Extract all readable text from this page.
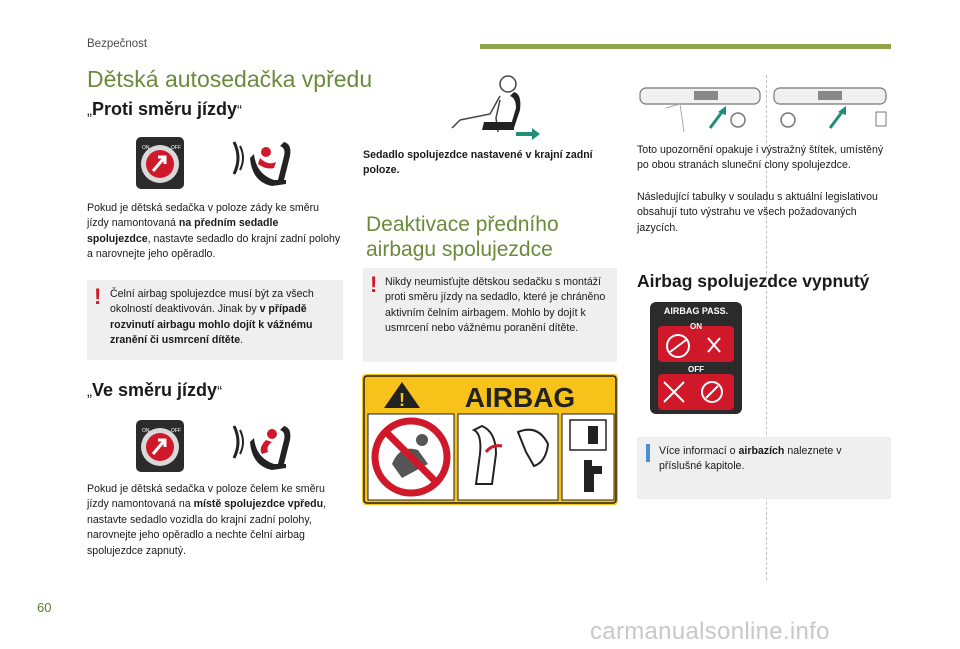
Bezpečnost
60
carmanualsonline.info
Dětská autosedačka vpředu
„Proti směru jízdy“
ON	OFF
Pokud je dětská sedačka v poloze zády ke směru jízdy namontovaná na předním sedadle spolujezdce, nastavte sedadlo do krajní zadní polohy a narovnejte jeho opěradlo.
! Čelní airbag spolujezdce musí být za všech okolností deaktivován. Jinak by v případě rozvinutí airbagu mohlo dojít k vážnému zranění či usmrcení dítěte.
„Ve směru jízdy“
ON	OFF
Pokud je dětská sedačka v poloze čelem ke směru jízdy namontovaná na místě spolujezdce vpředu, nastavte sedadlo vozidla do krajní zadní polohy, narovnejte jeho opěradlo a nechte čelní airbag spolujezdce zapnutý.
Sedadlo spolujezdce nastavené v krajní zadní poloze.
Deaktivace předního airbagu spolujezdce
! Nikdy neumisťujte dětskou sedačku s montáží proti směru jízdy na sedadlo, které je chráněno aktivním čelním airbagem. Mohlo by dojít k usmrcení nebo vážnému poranění dítěte.
! AIRBAG
Toto upozornění opakuje i výstražný štítek, umístěný po obou stranách sluneční clony spolujezdce.
Následující tabulky v souladu s aktuální legislativou obsahují tuto výstrahu ve všech požadovaných jazycích.
Airbag spolujezdce vypnutý
AIRBAG PASS.
ON
OFF
Více informací o airbazích naleznete v příslušné kapitole.
